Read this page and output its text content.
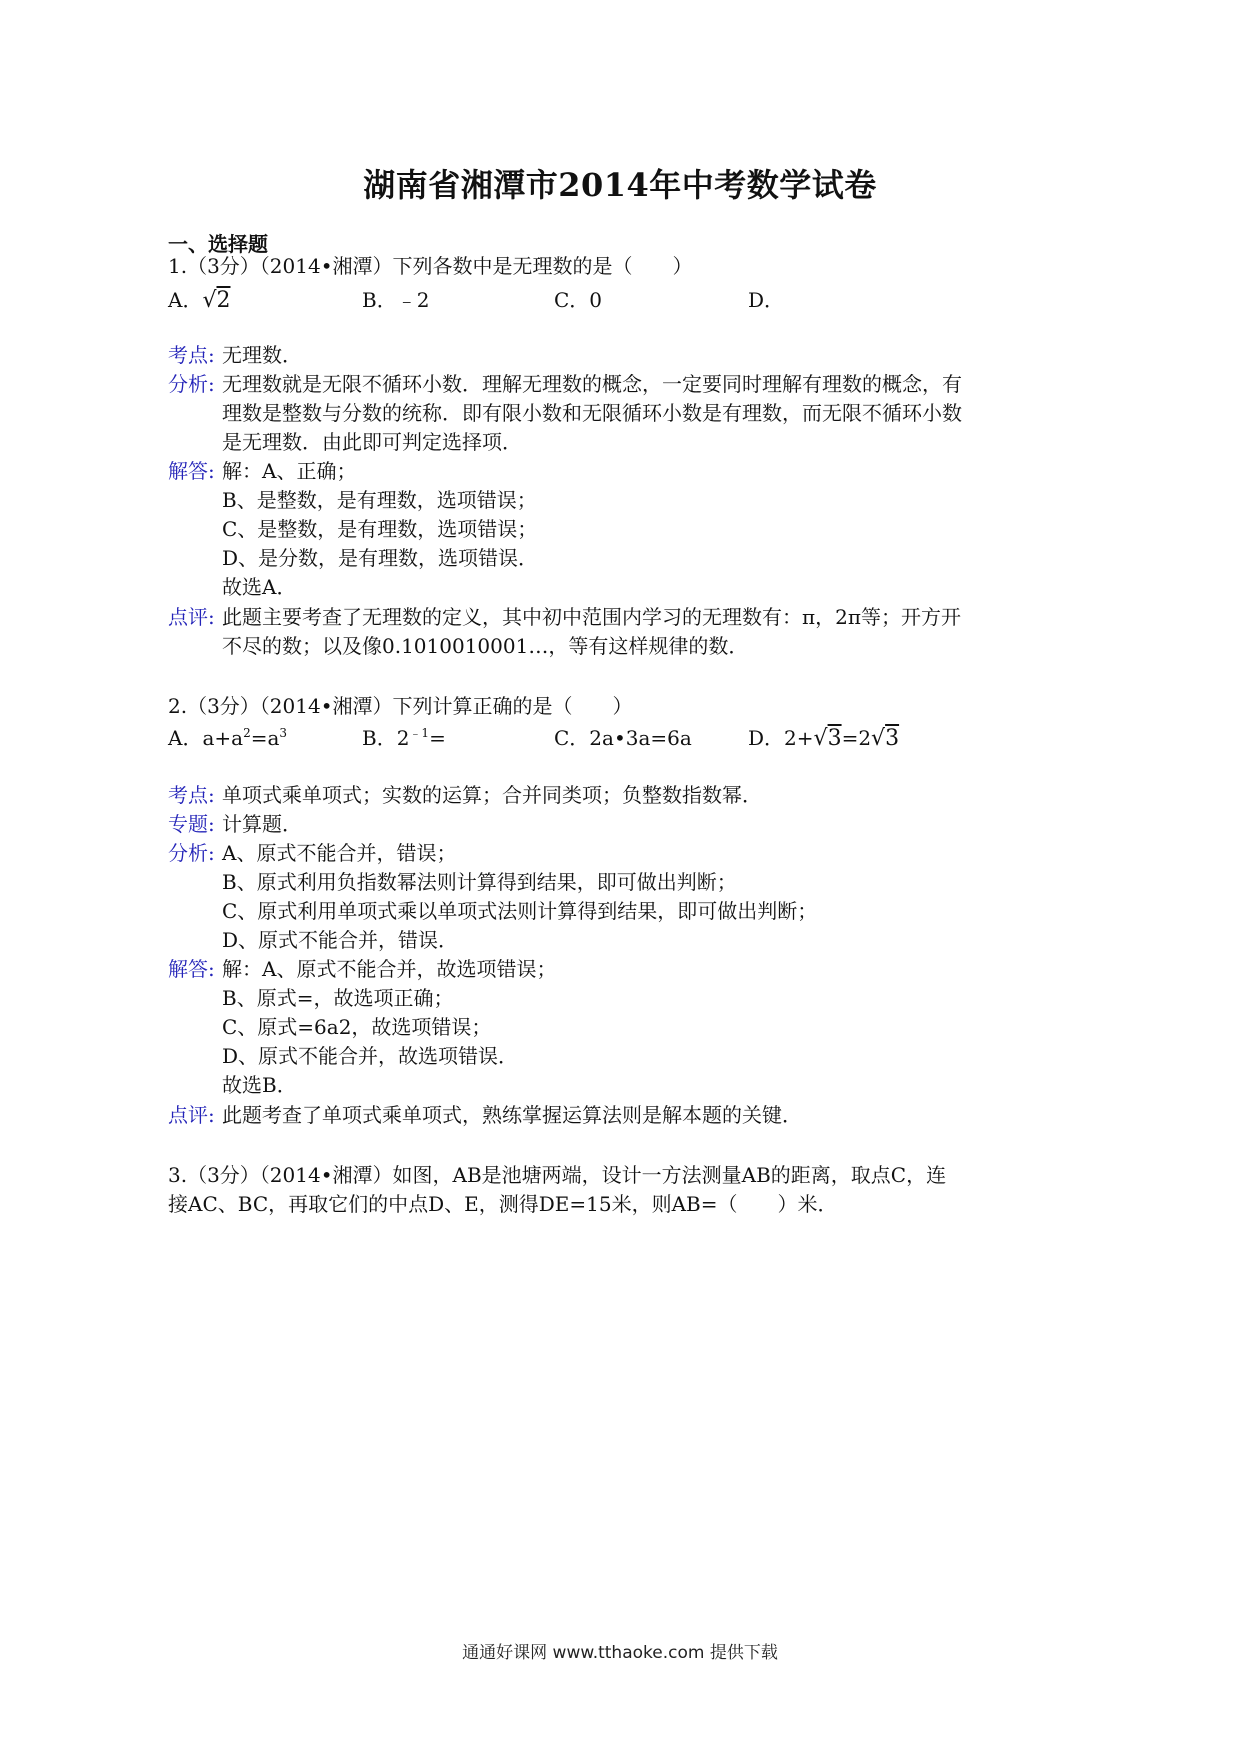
湖南省湘潭市2014年中考数学试卷
一、选择题
1.（3分）（2014•湘潭）下列各数中是无理数的是（　　）
A．√2	B．﹣2	C．0	D．
考点: 无理数．
分析: 无理数就是无限不循环小数．理解无理数的概念，一定要同时理解有理数的概念，有
理数是整数与分数的统称．即有限小数和无限循环小数是有理数，而无限不循环小数
是无理数．由此即可判定选择项．
解答: 解：A、正确；
B、是整数，是有理数，选项错误；
C、是整数，是有理数，选项错误；
D、是分数，是有理数，选项错误．
故选A．
点评: 此题主要考查了无理数的定义，其中初中范围内学习的无理数有：π，2π等；开方开
不尽的数；以及像0.1010010001…，等有这样规律的数．
2.（3分）（2014•湘潭）下列计算正确的是（　　）
A．$a+a^2=a^3$	B．$2^{﹣1}=$	C．2a•3a=6a	D．2+√3=2√3
考点: 单项式乘单项式；实数的运算；合并同类项；负整数指数幂．
专题: 计算题．
分析: A、原式不能合并，错误；
B、原式利用负指数幂法则计算得到结果，即可做出判断；
C、原式利用单项式乘以单项式法则计算得到结果，即可做出判断；
D、原式不能合并，错误．
解答: 解：A、原式不能合并，故选项错误；
B、原式=，故选项正确；
C、原式=6a2，故选项错误；
D、原式不能合并，故选项错误．
故选B．
点评: 此题考查了单项式乘单项式，熟练掌握运算法则是解本题的关键．
3.（3分）（2014•湘潭）如图，AB是池塘两端，设计一方法测量AB的距离，取点C，连
接AC、BC，再取它们的中点D、E，测得DE=15米，则AB=（　　）米．
通通好课网 www.tthaoke.com 提供下载
